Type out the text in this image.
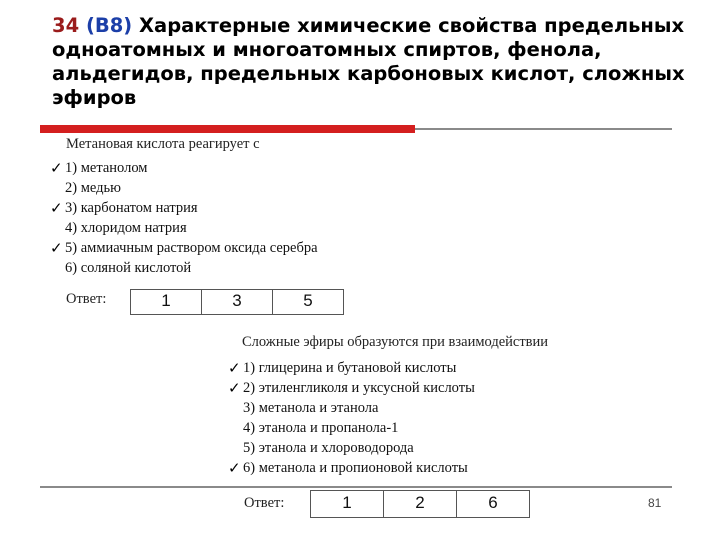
34 (В8) Характерные химические свойства предельных одноатомных и многоатомных спиртов, фенола, альдегидов, предельных карбоновых кислот, сложных эфиров
Метановая кислота реагирует с
✓ 1) метанолом
2) медью
✓ 3) карбонатом натрия
4) хлоридом натрия
✓ 5) аммиачным раствором оксида серебра
6) соляной кислотой
Ответ:	1	3	5
Сложные эфиры образуются при взаимодействии
✓ 1) глицерина и бутановой кислоты
✓ 2) этиленгликоля и уксусной кислоты
3) метанола и этанола
4) этанола и пропанола-1
5) этанола и хлороводорода
✓ 6) метанола и пропионовой кислоты
Ответ:	1	2	6	81
